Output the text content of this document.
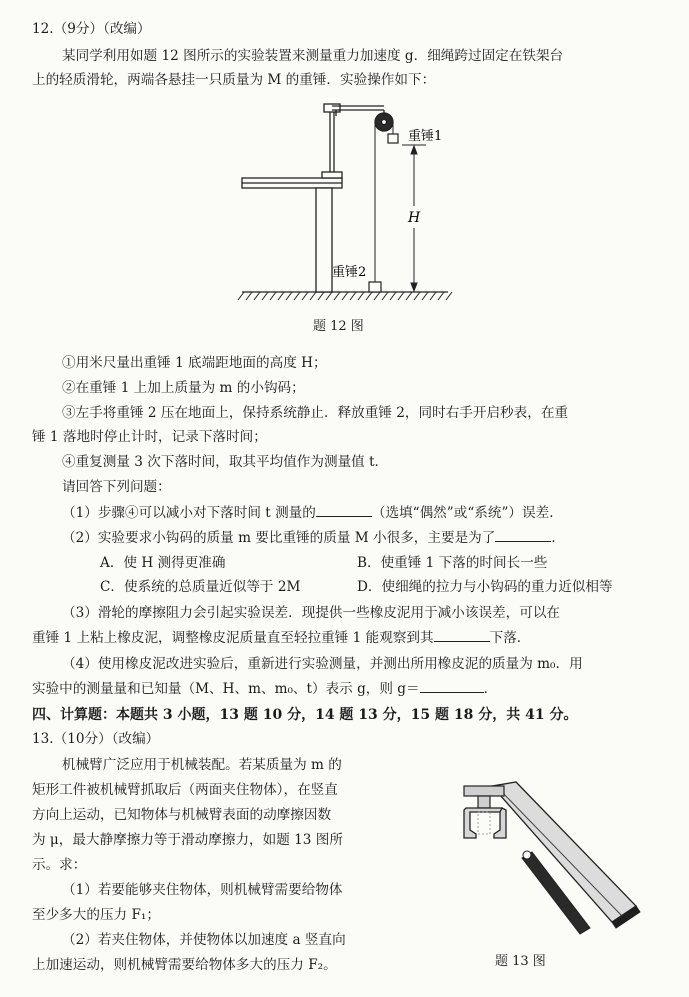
12.（9分）（改编）
某同学利用如题 12 图所示的实验装置来测量重力加速度 g．细绳跨过固定在铁架台
上的轻质滑轮，两端各悬挂一只质量为 M 的重锤．实验操作如下：
重锤1
重锤2
H
题 12 图
①用米尺量出重锤 1 底端距地面的高度 H；
②在重锤 1 上加上质量为 m 的小钩码；
③左手将重锤 2 压在地面上，保持系统静止．释放重锤 2，同时右手开启秒表，在重
锤 1 落地时停止计时，记录下落时间；
④重复测量 3 次下落时间，取其平均值作为测量值 t．
请回答下列问题：
（1）步骤④可以减小对下落时间 t 测量的	（选填“偶然”或“系统”）误差．
（2）实验要求小钩码的质量 m 要比重锤的质量 M 小很多，主要是为了	．
A．使 H 测得更准确	B．使重锤 1 下落的时间长一些
C．使系统的总质量近似等于 2M	D．使细绳的拉力与小钩码的重力近似相等
（3）滑轮的摩擦阻力会引起实验误差．现提供一些橡皮泥用于减小该误差，可以在
重锤 1 上粘上橡皮泥，调整橡皮泥质量直至轻拉重锤 1 能观察到其	下落．
（4）使用橡皮泥改进实验后，重新进行实验测量，并测出所用橡皮泥的质量为 m₀．用
实验中的测量量和已知量（M、H、m、m₀、t）表示 g，则 g＝	．
四、计算题：本题共 3 小题，13 题 10 分，14 题 13 分，15 题 18 分，共 41 分。
13.（10分）（改编）
机械臂广泛应用于机械装配。若某质量为 m 的
矩形工件被机械臂抓取后（两面夹住物体），在竖直
方向上运动，已知物体与机械臂表面的动摩擦因数
为 μ，最大静摩擦力等于滑动摩擦力，如题 13 图所
示。求：
（1）若要能够夹住物体，则机械臂需要给物体
至少多大的压力 F₁；
（2）若夹住物体，并使物体以加速度 a 竖直向
上加速运动，则机械臂需要给物体多大的压力 F₂。	题 13 图
